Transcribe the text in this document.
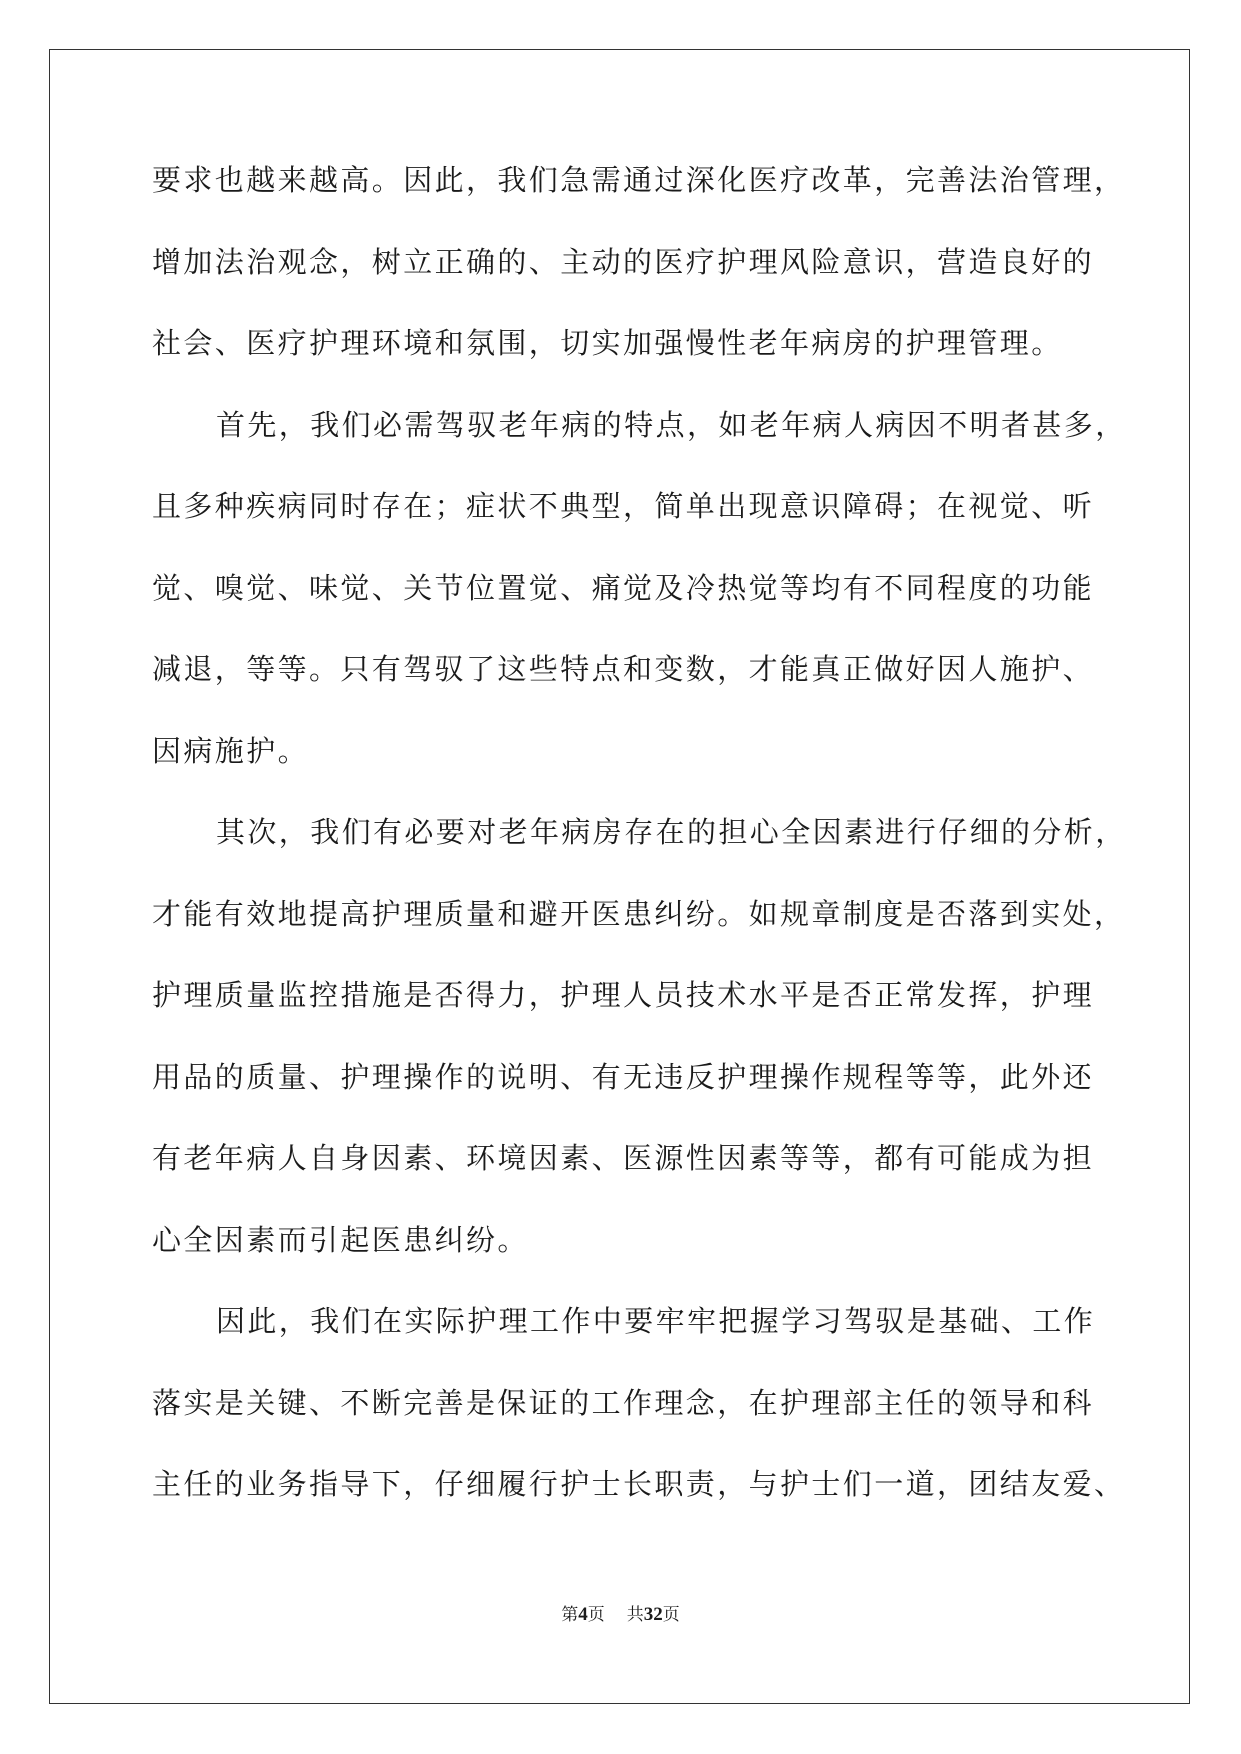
要求也越来越高。因此，我们急需通过深化医疗改革，完善法治管理，

增加法治观念，树立正确的、主动的医疗护理风险意识，营造良好的

社会、医疗护理环境和氛围，切实加强慢性老年病房的护理管理。

首先，我们必需驾驭老年病的特点，如老年病人病因不明者甚多，

且多种疾病同时存在；症状不典型，简单出现意识障碍；在视觉、听

觉、嗅觉、味觉、关节位置觉、痛觉及冷热觉等均有不同程度的功能

减退，等等。只有驾驭了这些特点和变数，才能真正做好因人施护、

因病施护。

其次，我们有必要对老年病房存在的担心全因素进行仔细的分析，

才能有效地提高护理质量和避开医患纠纷。如规章制度是否落到实处，

护理质量监控措施是否得力，护理人员技术水平是否正常发挥，护理

用品的质量、护理操作的说明、有无违反护理操作规程等等，此外还

有老年病人自身因素、环境因素、医源性因素等等，都有可能成为担

心全因素而引起医患纠纷。

因此，我们在实际护理工作中要牢牢把握学习驾驭是基础、工作

落实是关键、不断完善是保证的工作理念，在护理部主任的领导和科

主任的业务指导下，仔细履行护士长职责，与护士们一道，团结友爱、

第4页 共32页
